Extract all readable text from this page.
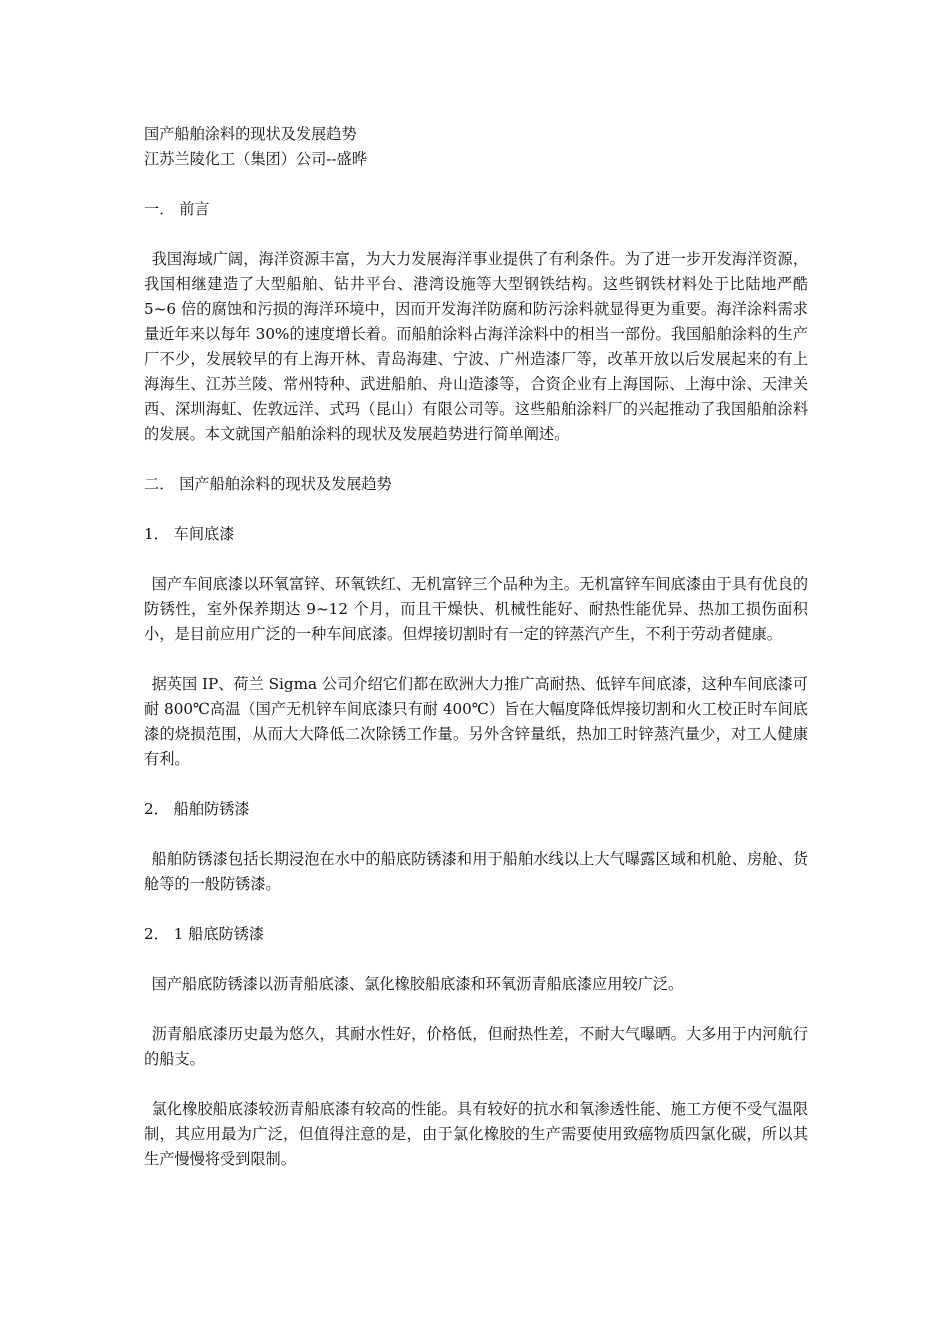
国产船舶涂料的现状及发展趋势

江苏兰陵化工（集团）公司--盛晔

一． 前言

我国海域广阔，海洋资源丰富，为大力发展海洋事业提供了有利条件。为了进一步开发海洋资源，我国相继建造了大型船舶、钻井平台、港湾设施等大型钢铁结构。这些钢铁材料处于比陆地严酷 5~6 倍的腐蚀和污损的海洋环境中，因而开发海洋防腐和防污涂料就显得更为重要。海洋涂料需求量近年来以每年 30%的速度增长着。而船舶涂料占海洋涂料中的相当一部份。我国船舶涂料的生产厂不少，发展较早的有上海开林、青岛海建、宁波、广州造漆厂等，改革开放以后发展起来的有上海海生、江苏兰陵、常州特种、武进船舶、舟山造漆等，合资企业有上海国际、上海中涂、天津关西、深圳海虹、佐敦远洋、式玛（昆山）有限公司等。这些船舶涂料厂的兴起推动了我国船舶涂料的发展。本文就国产船舶涂料的现状及发展趋势进行简单阐述。

二． 国产船舶涂料的现状及发展趋势

1． 车间底漆

国产车间底漆以环氧富锌、环氧铁红、无机富锌三个品种为主。无机富锌车间底漆由于具有优良的防锈性，室外保养期达 9~12 个月，而且干燥快、机械性能好、耐热性能优异、热加工损伤面积小，是目前应用广泛的一种车间底漆。但焊接切割时有一定的锌蒸汽产生，不利于劳动者健康。

据英国 IP、荷兰 Sigma 公司介绍它们都在欧洲大力推广高耐热、低锌车间底漆，这种车间底漆可耐 800℃高温（国产无机锌车间底漆只有耐 400℃）旨在大幅度降低焊接切割和火工校正时车间底漆的烧损范围，从而大大降低二次除锈工作量。另外含锌量纸，热加工时锌蒸汽量少，对工人健康有利。

2． 船舶防锈漆

船舶防锈漆包括长期浸泡在水中的船底防锈漆和用于船舶水线以上大气曝露区域和机舱、房舱、货舱等的一般防锈漆。

2． 1 船底防锈漆

国产船底防锈漆以沥青船底漆、氯化橡胶船底漆和环氧沥青船底漆应用较广泛。

沥青船底漆历史最为悠久，其耐水性好，价格低，但耐热性差，不耐大气曝晒。大多用于内河航行的船支。

氯化橡胶船底漆较沥青船底漆有较高的性能。具有较好的抗水和氧渗透性能、施工方便不受气温限制，其应用最为广泛，但值得注意的是，由于氯化橡胶的生产需要使用致癌物质四氯化碳，所以其生产慢慢将受到限制。
